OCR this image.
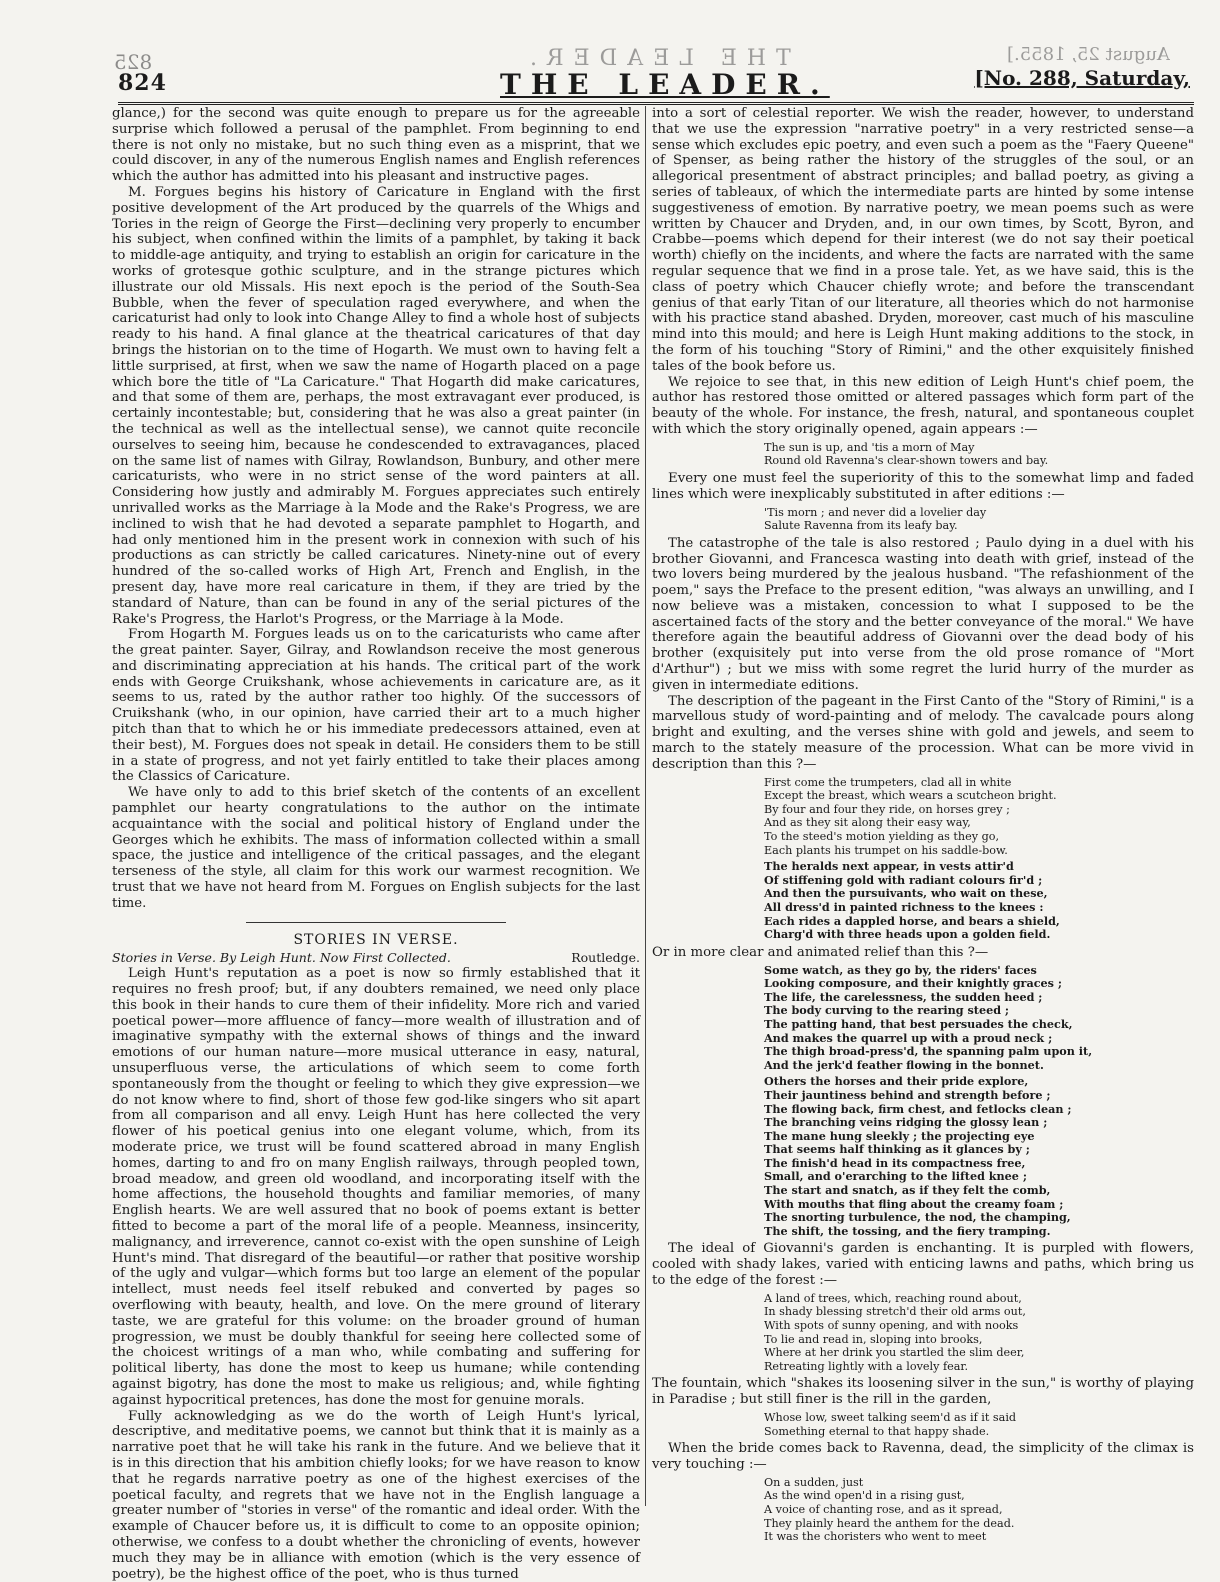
825
824
THE LEADER.
THE LEADER.
August 25, 1855.]
[No. 288, Saturday,

glance,) for the second was quite enough to prepare us for the agreeable surprise which followed a perusal of the pamphlet. From beginning to end there is not only no mistake, but no such thing even as a misprint, that we could discover, in any of the numerous English names and English references which the author has admitted into his pleasant and instructive pages.

M. Forgues begins his history of Caricature in England with the first positive development of the Art produced by the quarrels of the Whigs and Tories in the reign of George the First—declining very properly to encumber his subject, when confined within the limits of a pamphlet, by taking it back to middle-age antiquity, and trying to establish an origin for caricature in the works of grotesque gothic sculpture, and in the strange pictures which illustrate our old Missals. His next epoch is the period of the South-Sea Bubble, when the fever of speculation raged everywhere, and when the caricaturist had only to look into Change Alley to find a whole host of subjects ready to his hand. A final glance at the theatrical caricatures of that day brings the historian on to the time of Hogarth. We must own to having felt a little surprised, at first, when we saw the name of Hogarth placed on a page which bore the title of "La Caricature." That Hogarth did make caricatures, and that some of them are, perhaps, the most extravagant ever produced, is certainly incontestable; but, considering that he was also a great painter (in the technical as well as the intellectual sense), we cannot quite reconcile ourselves to seeing him, because he condescended to extravagances, placed on the same list of names with Gilray, Rowlandson, Bunbury, and other mere caricaturists, who were in no strict sense of the word painters at all. Considering how justly and admirably M. Forgues appreciates such entirely unrivalled works as the Marriage à la Mode and the Rake's Progress, we are inclined to wish that he had devoted a separate pamphlet to Hogarth, and had only mentioned him in the present work in connexion with such of his productions as can strictly be called caricatures. Ninety-nine out of every hundred of the so-called works of High Art, French and English, in the present day, have more real caricature in them, if they are tried by the standard of Nature, than can be found in any of the serial pictures of the Rake's Progress, the Harlot's Progress, or the Marriage à la Mode.

From Hogarth M. Forgues leads us on to the caricaturists who came after the great painter. Sayer, Gilray, and Rowlandson receive the most generous and discriminating appreciation at his hands. The critical part of the work ends with George Cruikshank, whose achievements in caricature are, as it seems to us, rated by the author rather too highly. Of the successors of Cruikshank (who, in our opinion, have carried their art to a much higher pitch than that to which he or his immediate predecessors attained, even at their best), M. Forgues does not speak in detail. He considers them to be still in a state of progress, and not yet fairly entitled to take their places among the Classics of Caricature.

We have only to add to this brief sketch of the contents of an excellent pamphlet our hearty congratulations to the author on the intimate acquaintance with the social and political history of England under the Georges which he exhibits. The mass of information collected within a small space, the justice and intelligence of the critical passages, and the elegant terseness of the style, all claim for this work our warmest recognition. We trust that we have not heard from M. Forgues on English subjects for the last time.

STORIES IN VERSE.
Stories in Verse. By Leigh Hunt. Now First Collected.	Routledge.

Leigh Hunt's reputation as a poet is now so firmly established that it requires no fresh proof; but, if any doubters remained, we need only place this book in their hands to cure them of their infidelity. More rich and varied poetical power—more affluence of fancy—more wealth of illustration and of imaginative sympathy with the external shows of things and the inward emotions of our human nature—more musical utterance in easy, natural, unsuperfluous verse, the articulations of which seem to come forth spontaneously from the thought or feeling to which they give expression—we do not know where to find, short of those few god-like singers who sit apart from all comparison and all envy. Leigh Hunt has here collected the very flower of his poetical genius into one elegant volume, which, from its moderate price, we trust will be found scattered abroad in many English homes, darting to and fro on many English railways, through peopled town, broad meadow, and green old woodland, and incorporating itself with the home affections, the household thoughts and familiar memories, of many English hearts. We are well assured that no book of poems extant is better fitted to become a part of the moral life of a people. Meanness, insincerity, malignancy, and irreverence, cannot co-exist with the open sunshine of Leigh Hunt's mind. That disregard of the beautiful—or rather that positive worship of the ugly and vulgar—which forms but too large an element of the popular intellect, must needs feel itself rebuked and converted by pages so overflowing with beauty, health, and love. On the mere ground of literary taste, we are grateful for this volume: on the broader ground of human progression, we must be doubly thankful for seeing here collected some of the choicest writings of a man who, while combating and suffering for political liberty, has done the most to keep us humane; while contending against bigotry, has done the most to make us religious; and, while fighting against hypocritical pretences, has done the most for genuine morals.

Fully acknowledging as we do the worth of Leigh Hunt's lyrical, descriptive, and meditative poems, we cannot but think that it is mainly as a narrative poet that he will take his rank in the future. And we believe that it is in this direction that his ambition chiefly looks; for we have reason to know that he regards narrative poetry as one of the highest exercises of the poetical faculty, and regrets that we have not in the English language a greater number of "stories in verse" of the romantic and ideal order. With the example of Chaucer before us, it is difficult to come to an opposite opinion; otherwise, we confess to a doubt whether the chronicling of events, however much they may be in alliance with emotion (which is the very essence of poetry), be the highest office of the poet, who is thus turned

into a sort of celestial reporter. We wish the reader, however, to understand that we use the expression "narrative poetry" in a very restricted sense—a sense which excludes epic poetry, and even such a poem as the "Faery Queene" of Spenser, as being rather the history of the struggles of the soul, or an allegorical presentment of abstract principles; and ballad poetry, as giving a series of tableaux, of which the intermediate parts are hinted by some intense suggestiveness of emotion. By narrative poetry, we mean poems such as were written by Chaucer and Dryden, and, in our own times, by Scott, Byron, and Crabbe—poems which depend for their interest (we do not say their poetical worth) chiefly on the incidents, and where the facts are narrated with the same regular sequence that we find in a prose tale. Yet, as we have said, this is the class of poetry which Chaucer chiefly wrote; and before the transcendant genius of that early Titan of our literature, all theories which do not harmonise with his practice stand abashed. Dryden, moreover, cast much of his masculine mind into this mould; and here is Leigh Hunt making additions to the stock, in the form of his touching "Story of Rimini," and the other exquisitely finished tales of the book before us.

We rejoice to see that, in this new edition of Leigh Hunt's chief poem, the author has restored those omitted or altered passages which form part of the beauty of the whole. For instance, the fresh, natural, and spontaneous couplet with which the story originally opened, again appears :—

The sun is up, and 'tis a morn of May
Round old Ravenna's clear-shown towers and bay.

Every one must feel the superiority of this to the somewhat limp and faded lines which were inexplicably substituted in after editions :—

'Tis morn ; and never did a lovelier day
Salute Ravenna from its leafy bay.

The catastrophe of the tale is also restored ; Paulo dying in a duel with his brother Giovanni, and Francesca wasting into death with grief, instead of the two lovers being murdered by the jealous husband. "The refashionment of the poem," says the Preface to the present edition, "was always an unwilling, and I now believe was a mistaken, concession to what I supposed to be the ascertained facts of the story and the better conveyance of the moral." We have therefore again the beautiful address of Giovanni over the dead body of his brother (exquisitely put into verse from the old prose romance of "Mort d'Arthur") ; but we miss with some regret the lurid hurry of the murder as given in intermediate editions.

The description of the pageant in the First Canto of the "Story of Rimini," is a marvellous study of word-painting and of melody. The cavalcade pours along bright and exulting, and the verses shine with gold and jewels, and seem to march to the stately measure of the procession. What can be more vivid in description than this ?—

First come the trumpeters, clad all in white
Except the breast, which wears a scutcheon bright.
By four and four they ride, on horses grey ;
And as they sit along their easy way,
To the steed's motion yielding as they go,
Each plants his trumpet on his saddle-bow.
The heralds next appear, in vests attir'd
Of stiffening gold with radiant colours fir'd ;
And then the pursuivants, who wait on these,
All dress'd in painted richness to the knees :
Each rides a dappled horse, and bears a shield,
Charg'd with three heads upon a golden field.

Or in more clear and animated relief than this ?—

Some watch, as they go by, the riders' faces
Looking composure, and their knightly graces ;
The life, the carelessness, the sudden heed ;
The body curving to the rearing steed ;
The patting hand, that best persuades the check,
And makes the quarrel up with a proud neck ;
The thigh broad-press'd, the spanning palm upon it,
And the jerk'd feather flowing in the bonnet.
Others the horses and their pride explore,
Their jauntiness behind and strength before ;
The flowing back, firm chest, and fetlocks clean ;
The branching veins ridging the glossy lean ;
The mane hung sleekly ; the projecting eye
That seems half thinking as it glances by ;
The finish'd head in its compactness free,
Small, and o'erarching to the lifted knee ;
The start and snatch, as if they felt the comb,
With mouths that fling about the creamy foam ;
The snorting turbulence, the nod, the champing,
The shift, the tossing, and the fiery tramping.

The ideal of Giovanni's garden is enchanting. It is purpled with flowers, cooled with shady lakes, varied with enticing lawns and paths, which bring us to the edge of the forest :—

A land of trees, which, reaching round about,
In shady blessing stretch'd their old arms out,
With spots of sunny opening, and with nooks
To lie and read in, sloping into brooks,
Where at her drink you startled the slim deer,
Retreating lightly with a lovely fear.

The fountain, which "shakes its loosening silver in the sun," is worthy of playing in Paradise ; but still finer is the rill in the garden,

Whose low, sweet talking seem'd as if it said
Something eternal to that happy shade.

When the bride comes back to Ravenna, dead, the simplicity of the climax is very touching :—

On a sudden, just
As the wind open'd in a rising gust,
A voice of chanting rose, and as it spread,
They plainly heard the anthem for the dead.
It was the choristers who went to meet
